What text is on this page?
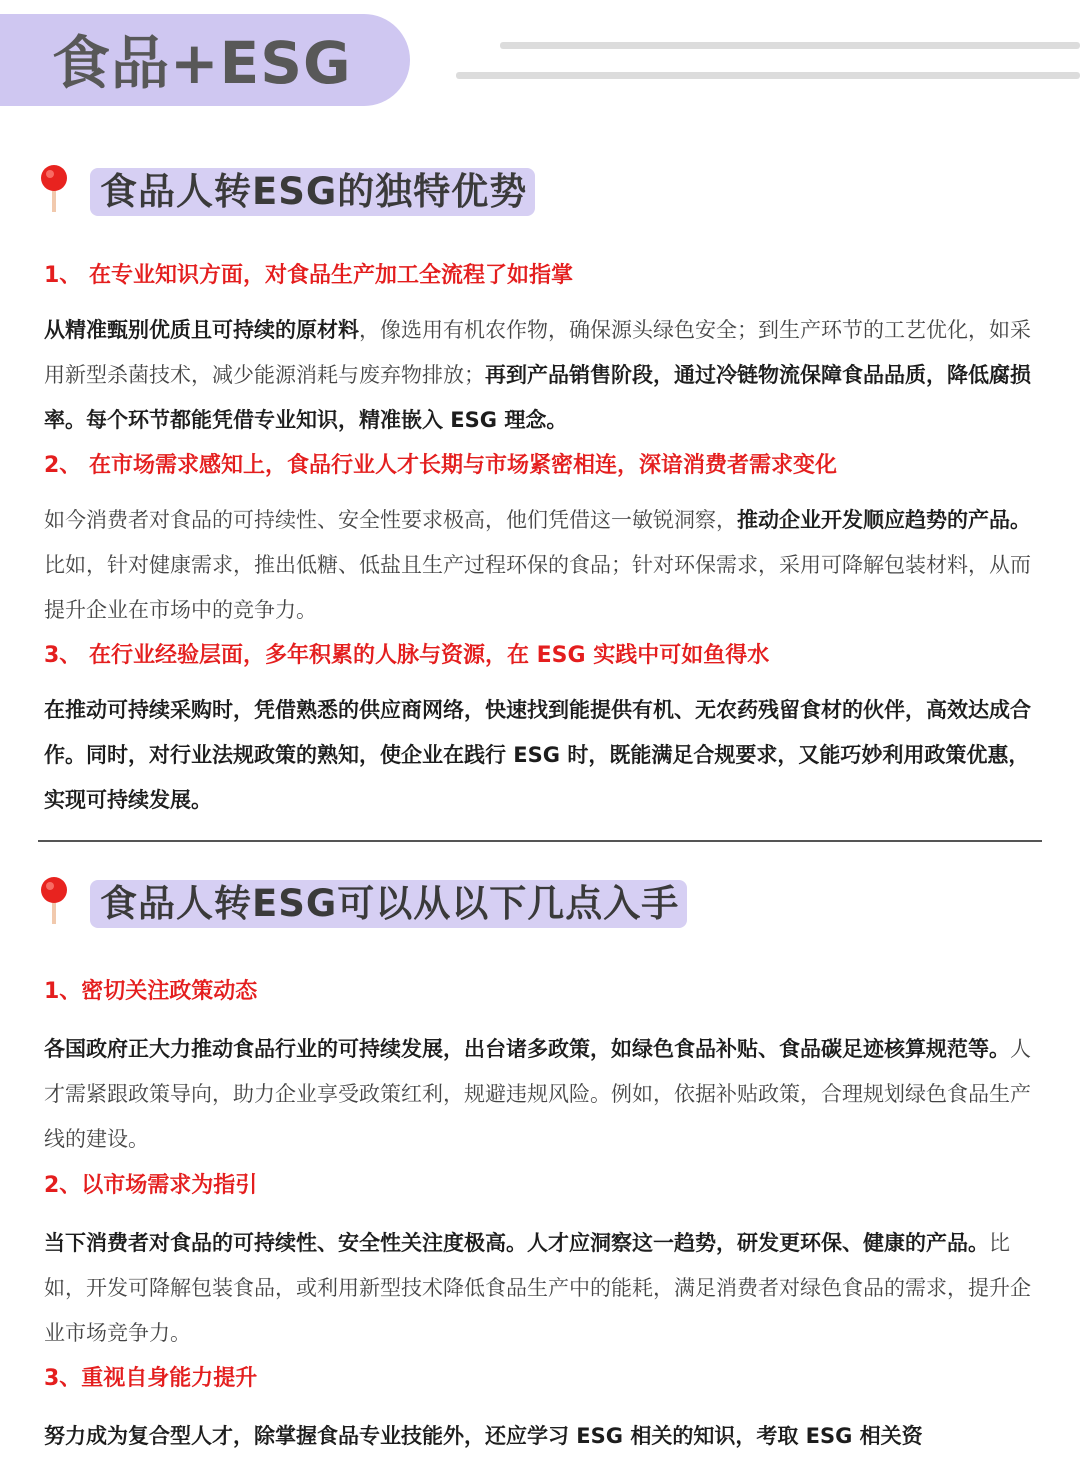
食品+ESG
食品人转ESG的独特优势
1、 在专业知识方面，对食品生产加工全流程了如指掌
从精准甄别优质且可持续的原材料，像选用有机农作物，确保源头绿色安全；到生产环节的工艺优化，如采用新型杀菌技术，减少能源消耗与废弃物排放；再到产品销售阶段，通过冷链物流保障食品品质，降低腐损率。每个环节都能凭借专业知识，精准嵌入 ESG 理念。
2、 在市场需求感知上，食品行业人才长期与市场紧密相连，深谙消费者需求变化
如今消费者对食品的可持续性、安全性要求极高，他们凭借这一敏锐洞察，推动企业开发顺应趋势的产品。比如，针对健康需求，推出低糖、低盐且生产过程环保的食品；针对环保需求，采用可降解包装材料，从而提升企业在市场中的竞争力。
3、 在行业经验层面，多年积累的人脉与资源，在 ESG 实践中可如鱼得水
在推动可持续采购时，凭借熟悉的供应商网络，快速找到能提供有机、无农药残留食材的伙伴，高效达成合作。同时，对行业法规政策的熟知，使企业在践行 ESG 时，既能满足合规要求，又能巧妙利用政策优惠，实现可持续发展。
食品人转ESG可以从以下几点入手
1、密切关注政策动态
各国政府正大力推动食品行业的可持续发展，出台诸多政策，如绿色食品补贴、食品碳足迹核算规范等。人才需紧跟政策导向，助力企业享受政策红利，规避违规风险。例如，依据补贴政策，合理规划绿色食品生产线的建设。
2、以市场需求为指引
当下消费者对食品的可持续性、安全性关注度极高。人才应洞察这一趋势，研发更环保、健康的产品。比如，开发可降解包装食品，或利用新型技术降低食品生产中的能耗，满足消费者对绿色食品的需求，提升企业市场竞争力。
3、重视自身能力提升
努力成为复合型人才，除掌握食品专业技能外，还应学习 ESG 相关的知识，考取 ESG 相关资
